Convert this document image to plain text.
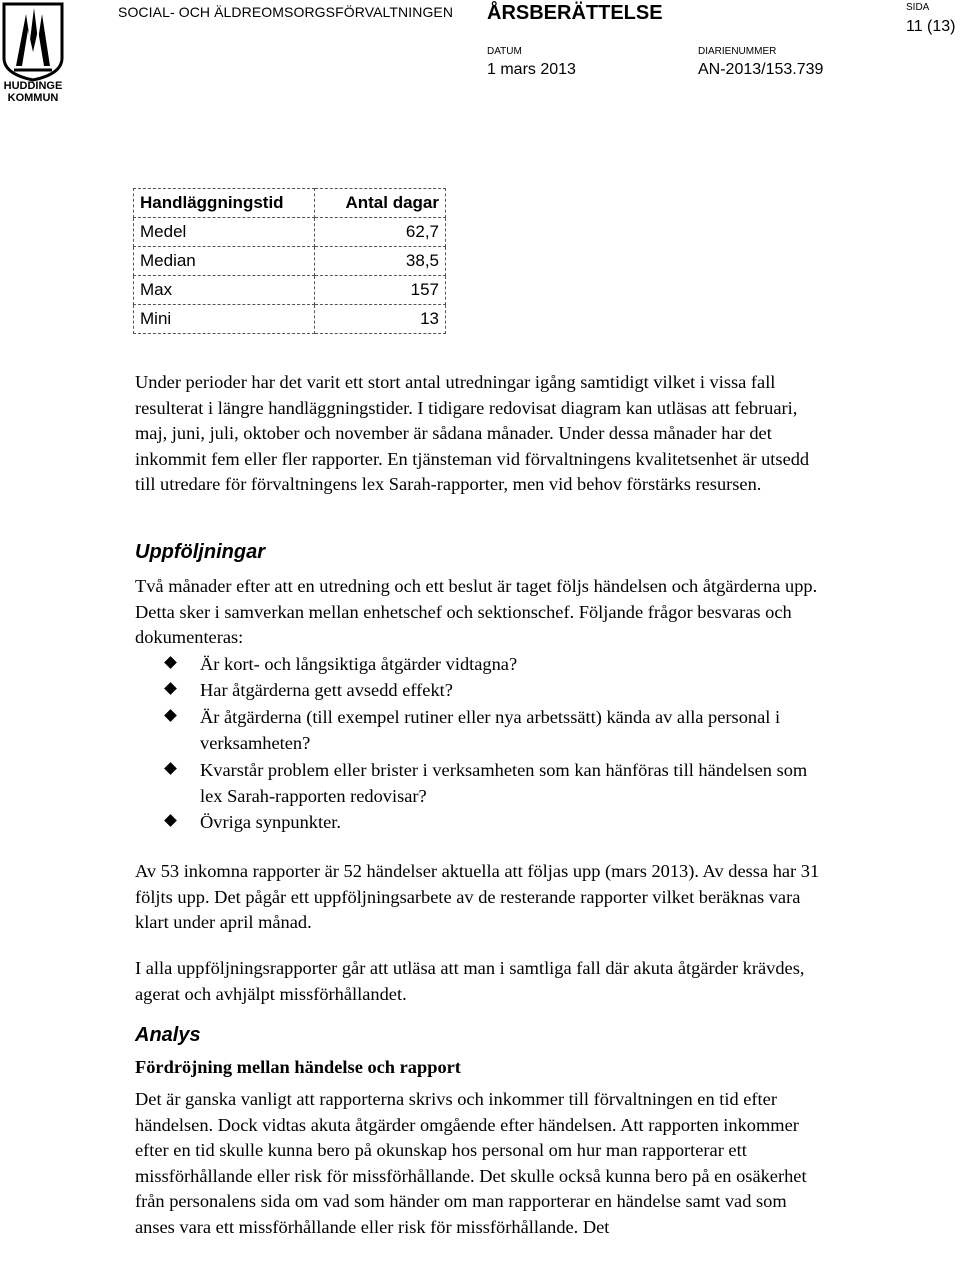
HUDDINGE KOMMUN
SOCIAL- OCH ÄLDREOMSORGSFÖRVALTNINGEN ÅRSBERÄTTELSE	SIDA
11 (13)
DATUM
1 mars 2013
DIARIENUMMER
AN-2013/153.739
Handläggningstid	Antal dagar
Medel	62,7
Median	38,5
Max	157
Mini	13

Under perioder har det varit ett stort antal utredningar igång samtidigt vilket i vissa fall resulterat i längre handläggningstider. I tidigare redovisat diagram kan utläsas att februari, maj, juni, juli, oktober och november är sådana månader. Under dessa månader har det inkommit fem eller fler rapporter. En tjänsteman vid förvaltningens kvalitetsenhet är utsedd till utredare för förvaltningens lex Sarah-rapporter, men vid behov förstärks resursen.

Uppföljningar

Två månader efter att en utredning och ett beslut är taget följs händelsen och åtgärderna upp. Detta sker i samverkan mellan enhetschef och sektionschef. Följande frågor besvaras och dokumenteras:

Är kort- och långsiktiga åtgärder vidtagna?
Har åtgärderna gett avsedd effekt?
Är åtgärderna (till exempel rutiner eller nya arbetssätt) kända av alla personal i verksamheten?
Kvarstår problem eller brister i verksamheten som kan hänföras till händelsen som lex Sarah-rapporten redovisar?
Övriga synpunkter.

Av 53 inkomna rapporter är 52 händelser aktuella att följas upp (mars 2013). Av dessa har 31 följts upp. Det pågår ett uppföljningsarbete av de resterande rapporter vilket beräknas vara klart under april månad.

I alla uppföljningsrapporter går att utläsa att man i samtliga fall där akuta åtgärder krävdes, agerat och avhjälpt missförhållandet.

Analys
Fördröjning mellan händelse och rapport

Det är ganska vanligt att rapporterna skrivs och inkommer till förvaltningen en tid efter händelsen. Dock vidtas akuta åtgärder omgående efter händelsen. Att rapporten inkommer efter en tid skulle kunna bero på okunskap hos personal om hur man rapporterar ett missförhållande eller risk för missförhållande. Det skulle också kunna bero på en osäkerhet från personalens sida om vad som händer om man rapporterar en händelse samt vad som anses vara ett missförhållande eller risk för missförhållande. Det
